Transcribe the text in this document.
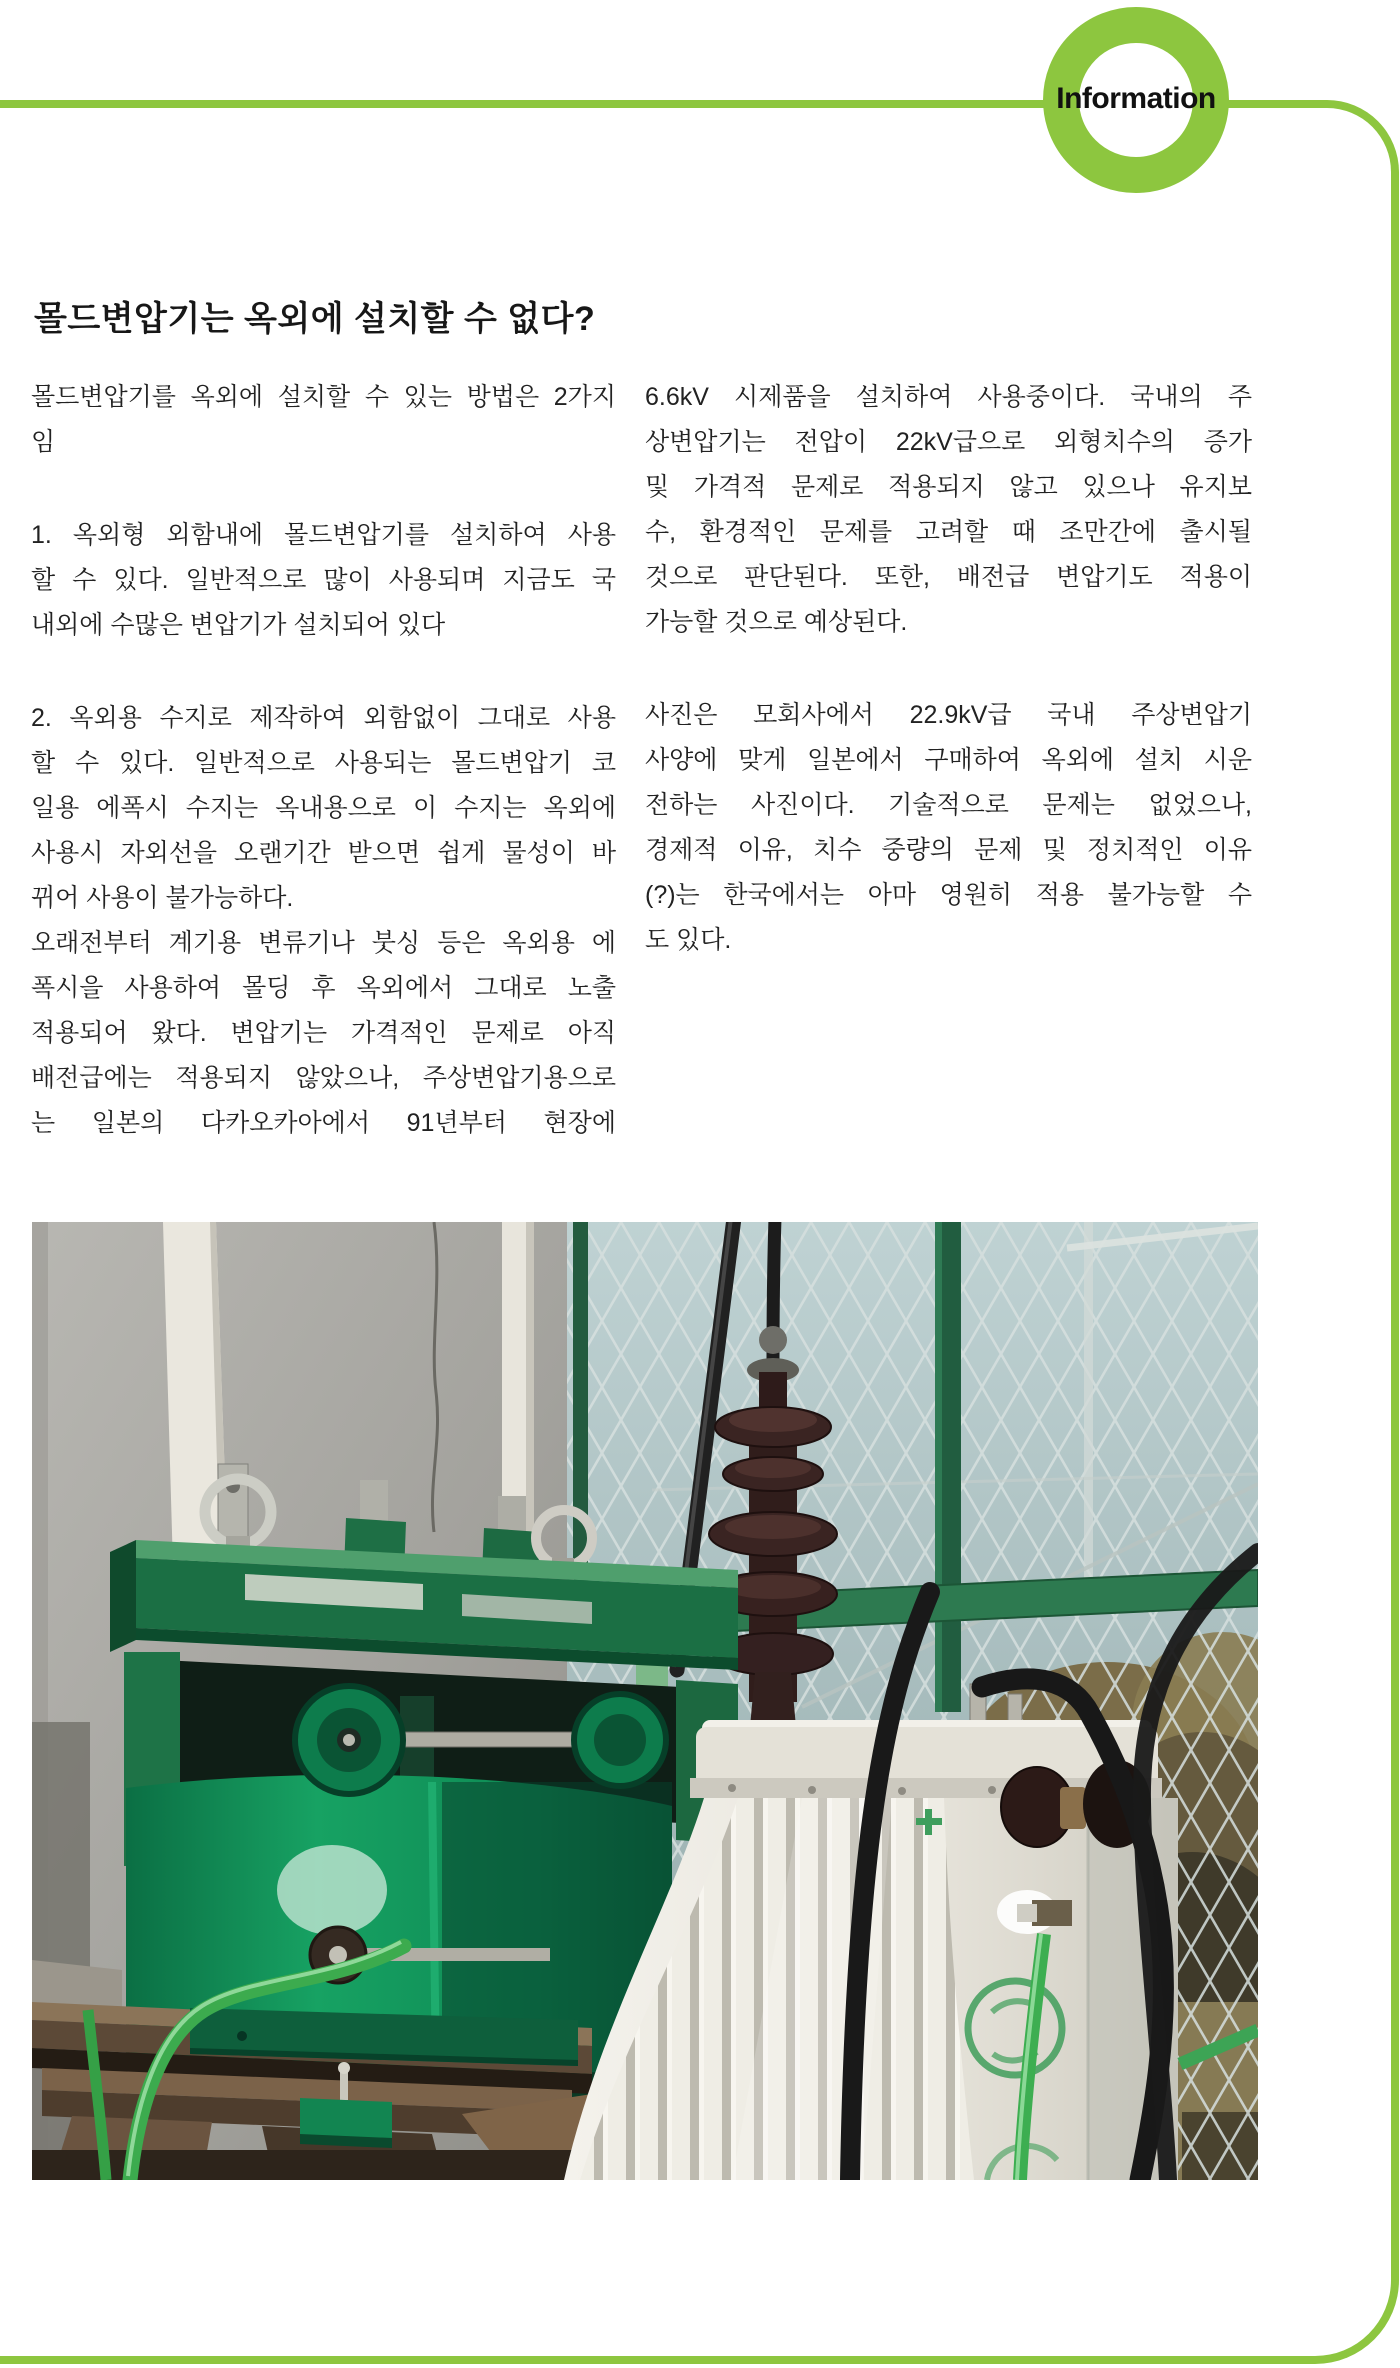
Information
몰드변압기는 옥외에 설치할 수 없다?
몰드변압기를 옥외에 설치할 수 있는 방법은 2가지
임
1. 옥외형 외함내에 몰드변압기를 설치하여 사용
할 수 있다. 일반적으로 많이 사용되며 지금도 국
내외에 수많은 변압기가 설치되어 있다
2. 옥외용 수지로 제작하여 외함없이 그대로 사용
할 수 있다. 일반적으로 사용되는 몰드변압기 코
일용 에폭시 수지는 옥내용으로 이 수지는 옥외에
사용시 자외선을 오랜기간 받으면 쉽게 물성이 바
뀌어 사용이 불가능하다.
오래전부터 계기용 변류기나 붓싱 등은 옥외용 에
폭시을 사용하여 몰딩 후 옥외에서 그대로 노출
적용되어 왔다. 변압기는 가격적인 문제로 아직
배전급에는 적용되지 않았으나, 주상변압기용으로
는 일본의 다카오카아에서 91년부터 현장에
6.6kV 시제품을 설치하여 사용중이다. 국내의 주
상변압기는 전압이 22kV급으로 외형치수의 증가
및 가격적 문제로 적용되지 않고 있으나 유지보
수, 환경적인 문제를 고려할 때 조만간에 출시될
것으로 판단된다. 또한, 배전급 변압기도 적용이
가능할 것으로 예상된다.
사진은 모회사에서 22.9kV급 국내 주상변압기
사양에 맞게 일본에서 구매하여 옥외에 설치 시운
전하는 사진이다. 기술적으로 문제는 없었으나,
경제적 이유, 치수 중량의 문제 및 정치적인 이유
(?)는 한국에서는 아마 영원히 적용 불가능할 수
도 있다.
